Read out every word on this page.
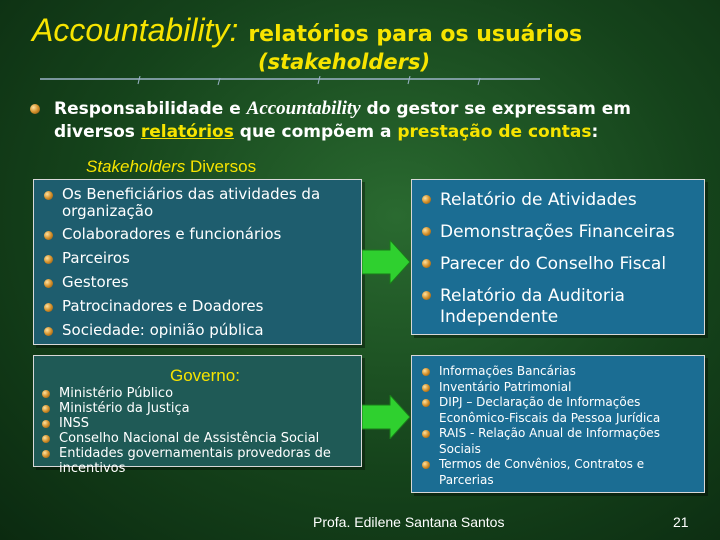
Accountability: relatórios para os usuários
(stakeholders)
Responsabilidade e Accountability do gestor se expressam em diversos relatórios que compõem a prestação de contas:
Stakeholders Diversos
Os Beneficiários das atividades da organização
Colaboradores e funcionários
Parceiros
Gestores
Patrocinadores e Doadores
Sociedade: opinião pública
Relatório de Atividades
Demonstrações Financeiras
Parecer do Conselho Fiscal
Relatório da Auditoria Independente
Governo:
Ministério Público
Ministério da Justiça
INSS
Conselho Nacional de Assistência Social
Entidades governamentais provedoras de incentivos
Informações Bancárias
Inventário Patrimonial
DIPJ – Declaração de Informações Econômico-Fiscais da Pessoa Jurídica
RAIS - Relação Anual de Informações Sociais
Termos de Convênios, Contratos e Parcerias
Profa. Edilene Santana Santos	21
